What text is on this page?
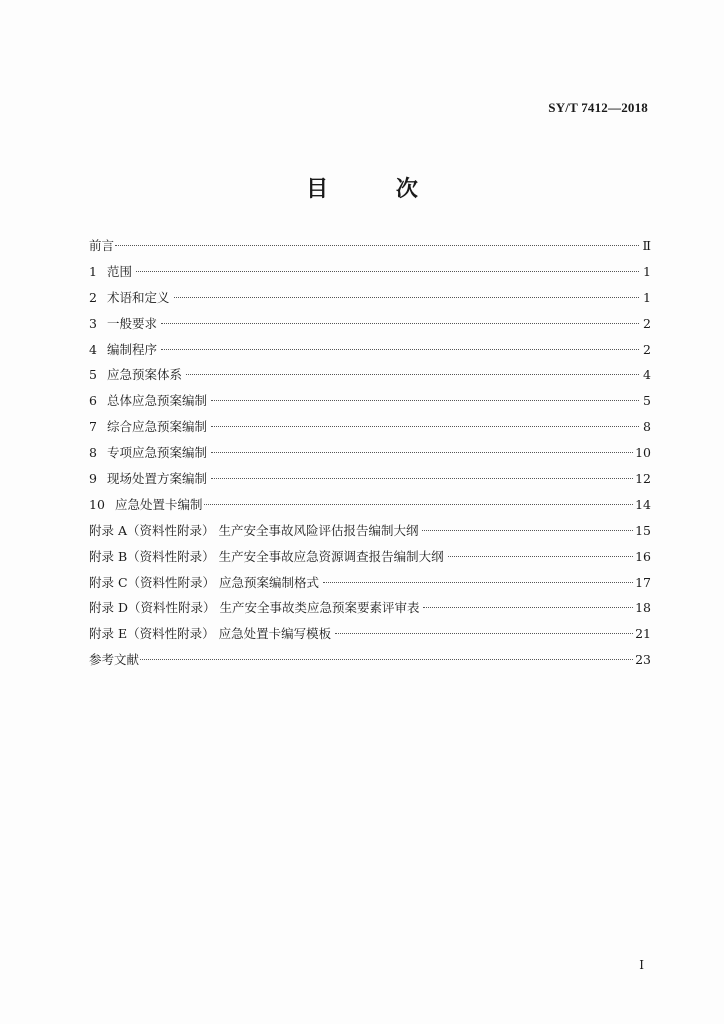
SY/T 7412—2018
目 次
前言	Ⅱ
1 范围	1
2 术语和定义	1
3 一般要求	2
4 编制程序	2
5 应急预案体系	4
6 总体应急预案编制	5
7 综合应急预案编制	8
8 专项应急预案编制	10
9 现场处置方案编制	12
10 应急处置卡编制	14
附录 A（资料性附录） 生产安全事故风险评估报告编制大纲	15
附录 B（资料性附录） 生产安全事故应急资源调查报告编制大纲	16
附录 C（资料性附录） 应急预案编制格式	17
附录 D（资料性附录） 生产安全事故类应急预案要素评审表	18
附录 E（资料性附录） 应急处置卡编写模板	21
参考文献	23
I
